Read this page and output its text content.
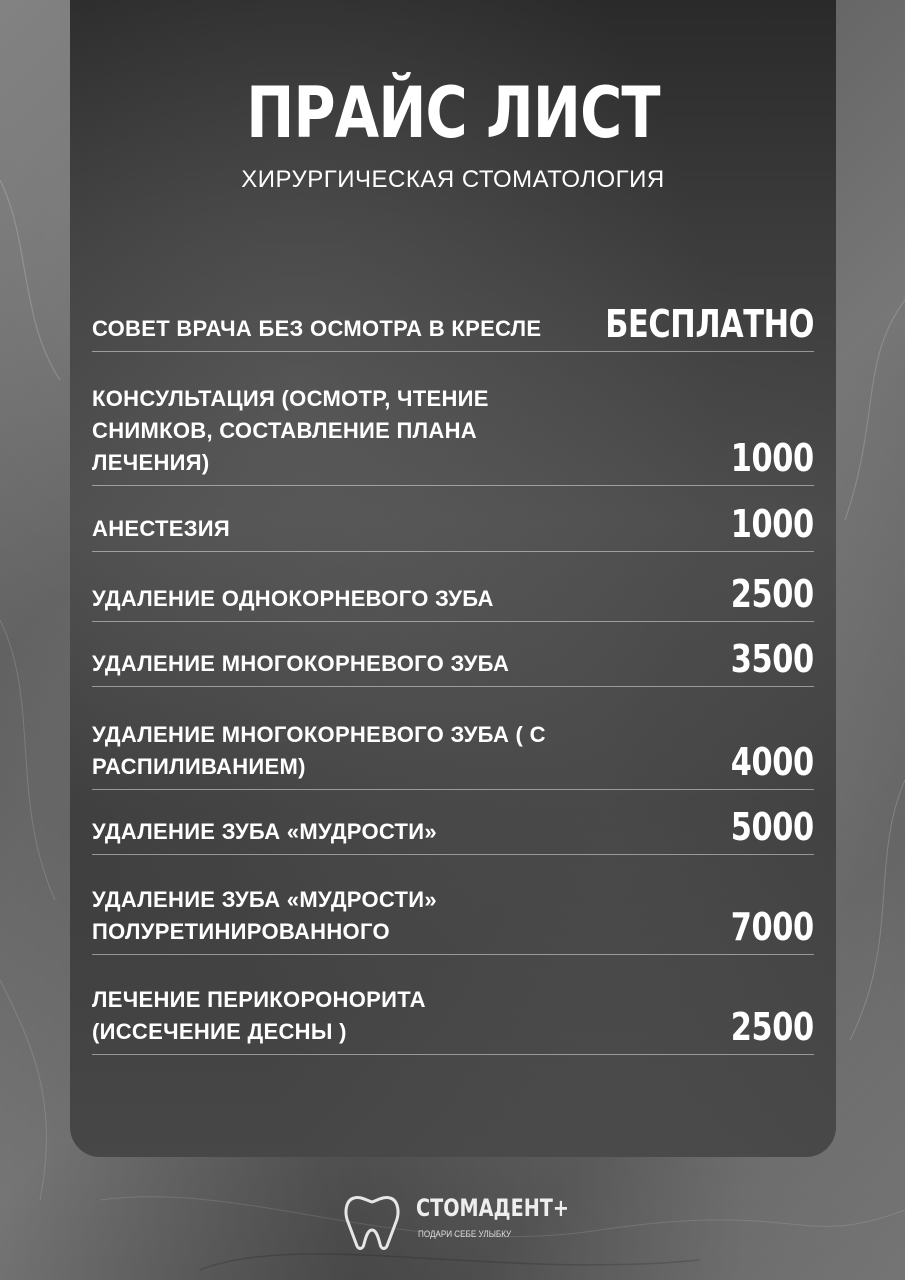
ПРАЙС ЛИСТ
ХИРУРГИЧЕСКАЯ СТОМАТОЛОГИЯ
СОВЕТ ВРАЧА БЕЗ ОСМОТРА В КРЕСЛЕ	БЕСПЛАТНО
КОНСУЛЬТАЦИЯ (ОСМОТР, ЧТЕНИЕ СНИМКОВ, СОСТАВЛЕНИЕ ПЛАНА ЛЕЧЕНИЯ)	1000
АНЕСТЕЗИЯ	1000
УДАЛЕНИЕ ОДНОКОРНЕВОГО ЗУБА	2500
УДАЛЕНИЕ МНОГОКОРНЕВОГО ЗУБА	3500
УДАЛЕНИЕ МНОГОКОРНЕВОГО ЗУБА ( С РАСПИЛИВАНИЕМ)	4000
УДАЛЕНИЕ ЗУБА «МУДРОСТИ»	5000
УДАЛЕНИЕ ЗУБА «МУДРОСТИ» ПОЛУРЕТИНИРОВАННОГО	7000
ЛЕЧЕНИЕ ПЕРИКОРОНОРИТА (ИССЕЧЕНИЕ ДЕСНЫ )	2500
СТОМАДЕНТ+
ПОДАРИ СЕБЕ УЛЫБКУ
